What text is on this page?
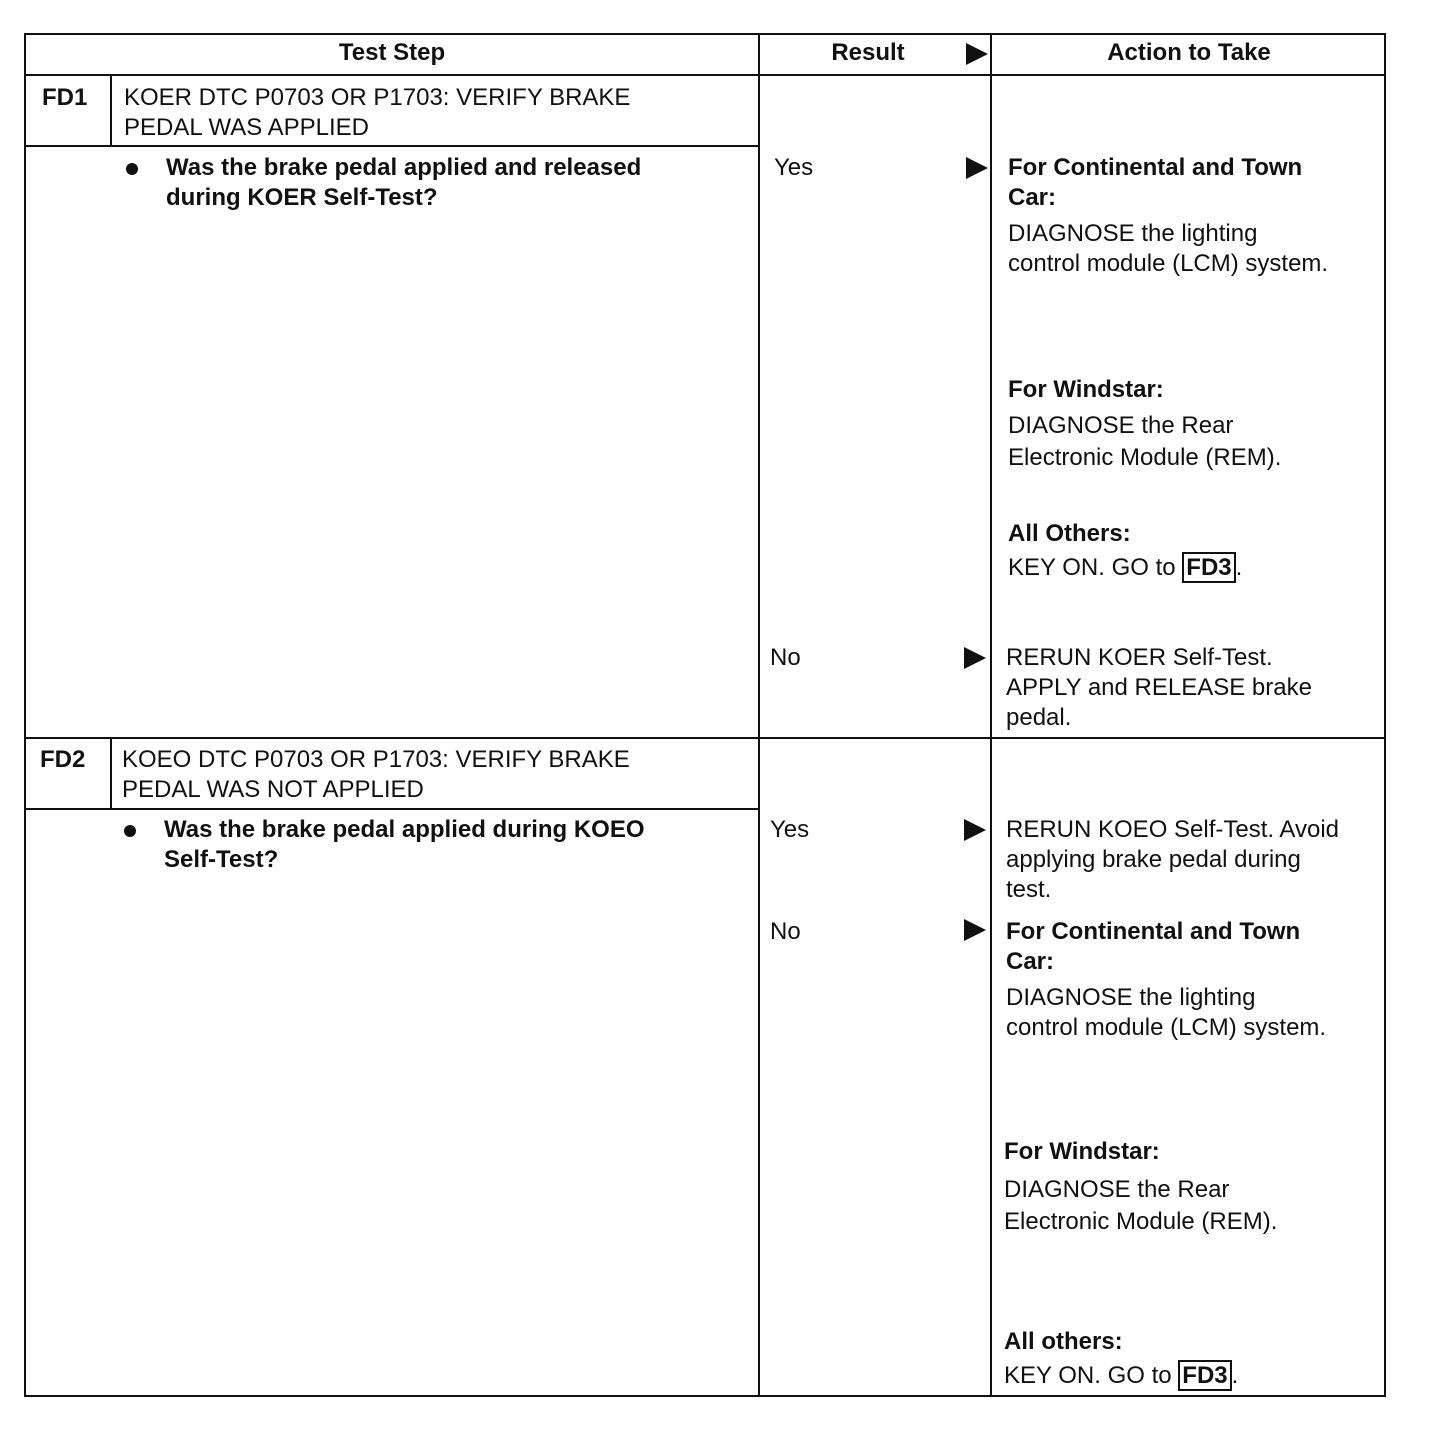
Test Step	Result	Action to Take
FD1 KOER DTC P0703 OR P1703: VERIFY BRAKE
PEDAL WAS APPLIED
Was the brake pedal applied and released
during KOER Self-Test?
Yes	For Continental and Town
Car:
DIAGNOSE the lighting
control module (LCM) system.
For Windstar:
DIAGNOSE the Rear
Electronic Module (REM).
All Others:
KEY ON. GO to FD3 .
No	RERUN KOER Self-Test.
APPLY and RELEASE brake
pedal.
FD2 KOEO DTC P0703 OR P1703: VERIFY BRAKE
PEDAL WAS NOT APPLIED
Was the brake pedal applied during KOEO
Self-Test?
Yes	RERUN KOEO Self-Test. Avoid
applying brake pedal during
test.
No	For Continental and Town
Car:
DIAGNOSE the lighting
control module (LCM) system.
For Windstar:
DIAGNOSE the Rear
Electronic Module (REM).
All others:
KEY ON. GO to FD3 .
